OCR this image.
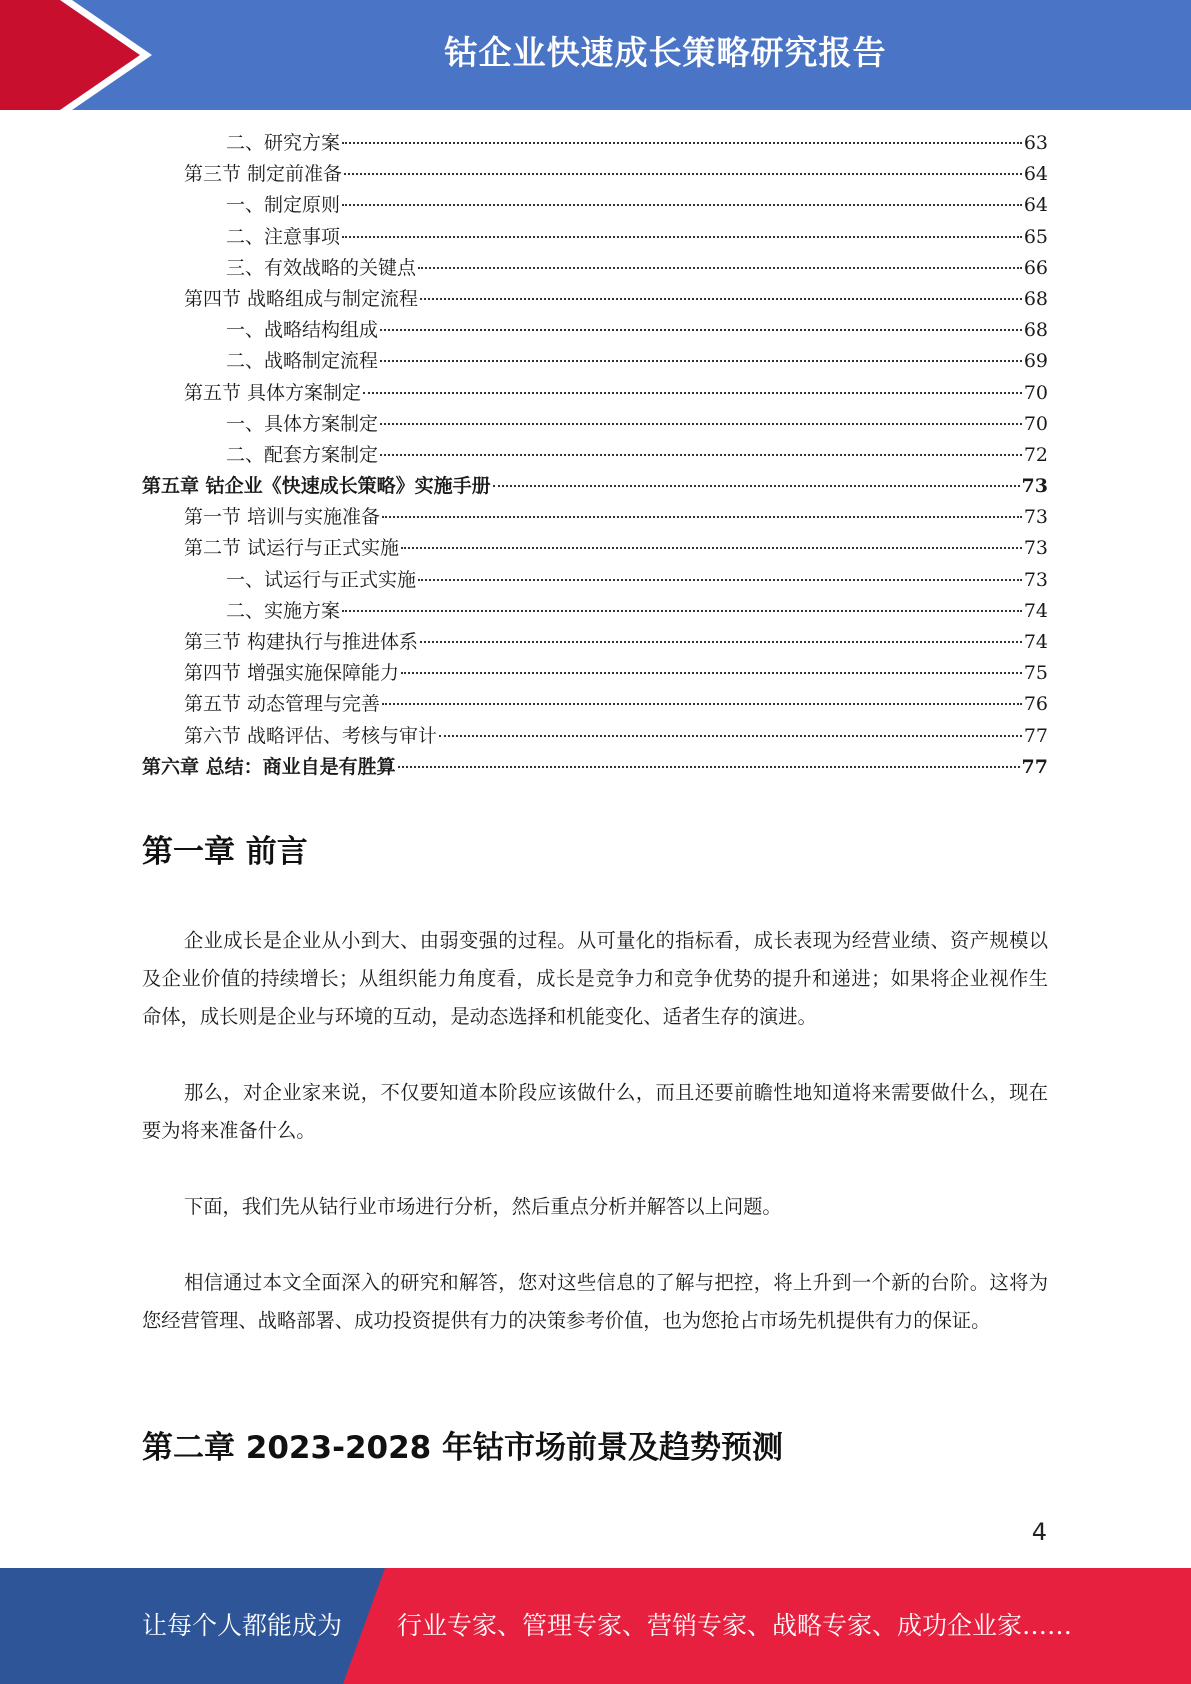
钴企业快速成长策略研究报告
二、研究方案	63
第三节 制定前准备	64
一、制定原则	64
二、注意事项	65
三、有效战略的关键点	66
第四节 战略组成与制定流程	68
一、战略结构组成	68
二、战略制定流程	69
第五节 具体方案制定	70
一、具体方案制定	70
二、配套方案制定	72
第五章 钴企业《快速成长策略》实施手册	73
第一节 培训与实施准备	73
第二节 试运行与正式实施	73
一、试运行与正式实施	73
二、实施方案	74
第三节 构建执行与推进体系	74
第四节 增强实施保障能力	75
第五节 动态管理与完善	76
第六节 战略评估、考核与审计	77
第六章 总结：商业自是有胜算	77
第一章 前言

企业成长是企业从小到大、由弱变强的过程。从可量化的指标看，成长表现为经营业绩、资产规模以及企业价值的持续增长；从组织能力角度看，成长是竞争力和竞争优势的提升和递进；如果将企业视作生命体，成长则是企业与环境的互动，是动态选择和机能变化、适者生存的演进。

那么，对企业家来说，不仅要知道本阶段应该做什么，而且还要前瞻性地知道将来需要做什么，现在要为将来准备什么。

下面，我们先从钴行业市场进行分析，然后重点分析并解答以上问题。

相信通过本文全面深入的研究和解答，您对这些信息的了解与把控，将上升到一个新的台阶。这将为您经营管理、战略部署、成功投资提供有力的决策参考价值，也为您抢占市场先机提供有力的保证。

第二章 2023-2028 年钴市场前景及趋势预测
4
让每个人都能成为 行业专家、管理专家、营销专家、战略专家、成功企业家……
